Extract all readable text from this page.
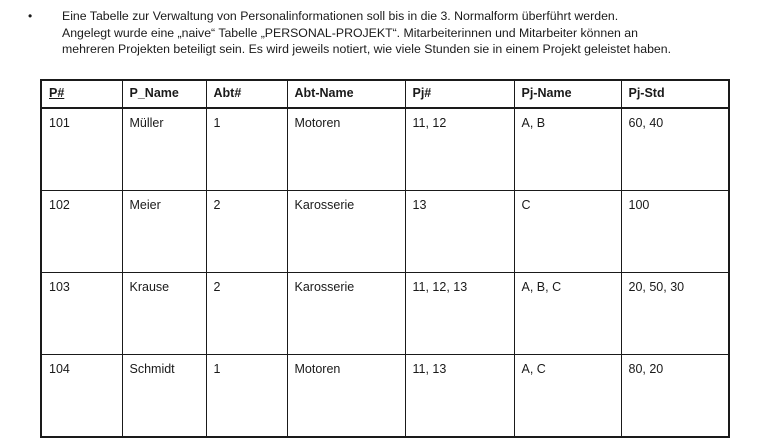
•	Eine Tabelle zur Verwaltung von Personalinformationen soll bis in die 3. Normalform überführt werden.
Angelegt wurde eine „naive“ Tabelle „PERSONAL-PROJEKT“. Mitarbeiterinnen und Mitarbeiter können an
mehreren Projekten beteiligt sein. Es wird jeweils notiert, wie viele Stunden sie in einem Projekt geleistet haben.
P#	P_Name	Abt#	Abt-Name	Pj#	Pj-Name	Pj-Std
101	Müller	1	Motoren	11, 12	A, B	60, 40
102	Meier	2	Karosserie	13	C	100
103	Krause	2	Karosserie	11, 12, 13	A, B, C	20, 50, 30
104	Schmidt	1	Motoren	11, 13	A, C	80, 20
